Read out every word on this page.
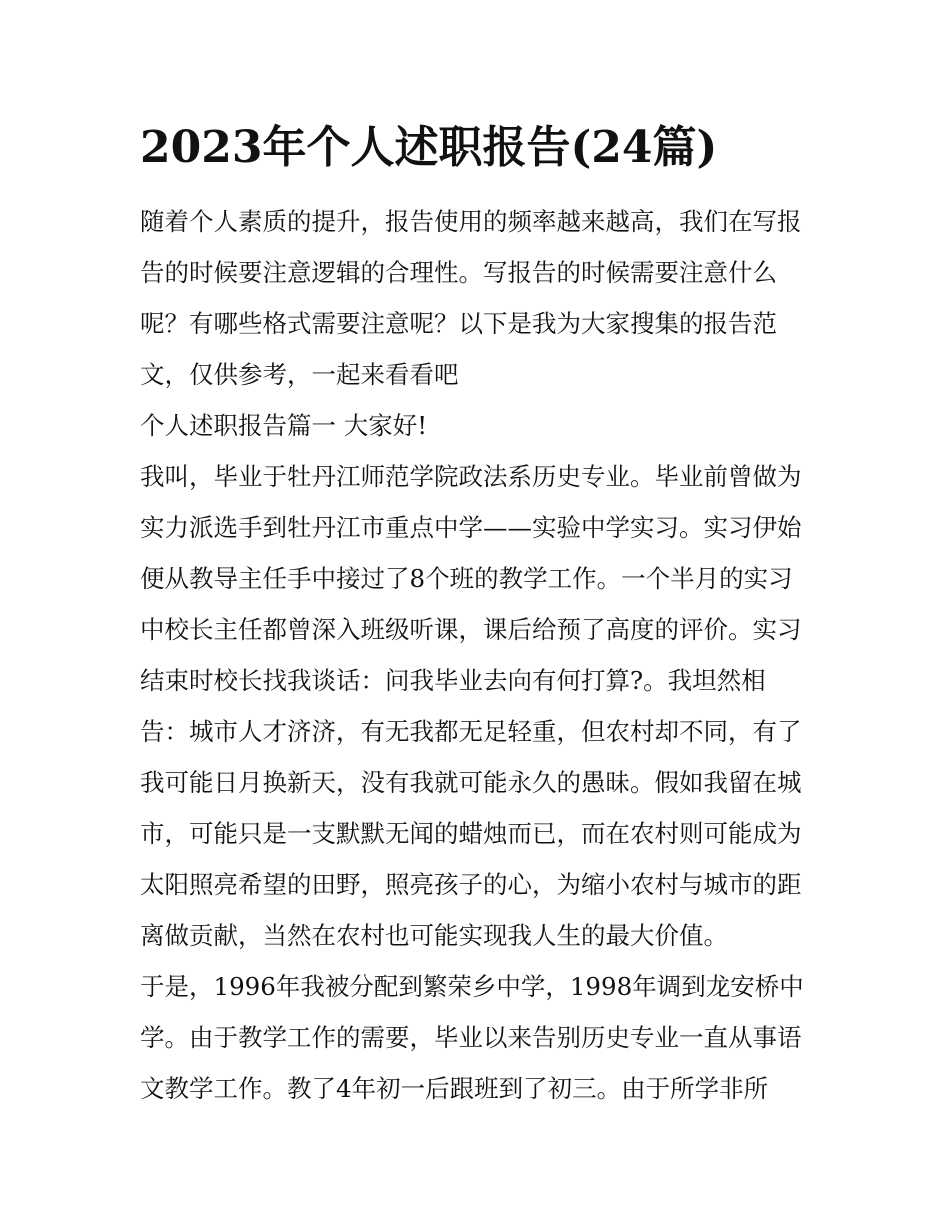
2023年个人述职报告(24篇)

随着个人素质的提升，报告使用的频率越来越高，我们在写报

告的时候要注意逻辑的合理性。写报告的时候需要注意什么

呢？有哪些格式需要注意呢？以下是我为大家搜集的报告范

文，仅供参考，一起来看看吧

个人述职报告篇一 大家好!

我叫，毕业于牡丹江师范学院政法系历史专业。毕业前曾做为

实力派选手到牡丹江市重点中学——实验中学实习。实习伊始

便从教导主任手中接过了8个班的教学工作。一个半月的实习

中校长主任都曾深入班级听课，课后给预了高度的评价。实习

结束时校长找我谈话：问我毕业去向有何打算?。我坦然相

告：城市人才济济，有无我都无足轻重，但农村却不同，有了

我可能日月换新天，没有我就可能永久的愚昧。假如我留在城

市，可能只是一支默默无闻的蜡烛而已，而在农村则可能成为

太阳照亮希望的田野，照亮孩子的心，为缩小农村与城市的距

离做贡献，当然在农村也可能实现我人生的最大价值。

于是，1996年我被分配到繁荣乡中学，1998年调到龙安桥中

学。由于教学工作的需要，毕业以来告别历史专业一直从事语

文教学工作。教了4年初一后跟班到了初三。由于所学非所
